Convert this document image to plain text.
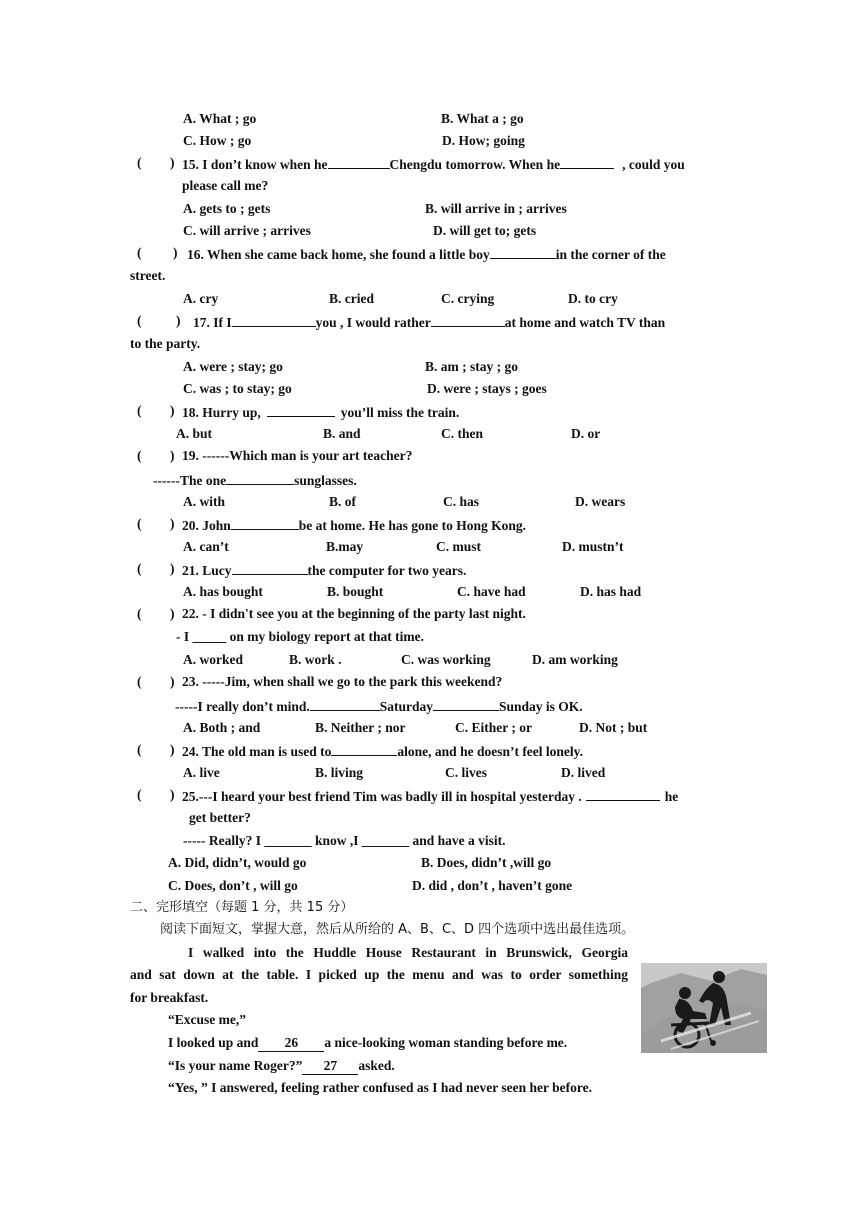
A. What ; go	B. What a ; go
C. How ; go	D. How; going
( ) 15. I don’t know when he	Chengdu tomorrow. When he	, could you
please call me?
A. gets to ; gets	B. will arrive in ; arrives
C. will arrive ; arrives	D. will get to; gets
( ) 16. When she came back home, she found a little boy	in the corner of the
street.
A. cry	B. cried	C. crying	D. to cry
(	) 17. If I	you , I would rather	at home and watch TV than
to the party.
A. were ; stay; go	B. am ; stay ; go
C. was ; to stay; go	D. were ; stays ; goes
( ) 18. Hurry up,	you’ll miss the train.
A. but	B. and	C. then	D. or
( ) 19. ------Which man is your art teacher?
------The one	sunglasses.
A. with	B. of	C. has	D. wears
( ) 20. John	be at home. He has gone to Hong Kong.
A. can’t	B.may	C. must	D. mustn’t
( ) 21. Lucy	the computer for two years.
A. has bought	B. bought	C. have had	D. has had
( ) 22. - I didn't see you at the beginning of the party last night.
- I _____ on my biology report at that time.
A. worked	B. work .	C. was working	D. am working
( ) 23. -----Jim, when shall we go to the park this weekend?
-----I really don’t mind.	Saturday	Sunday is OK.
A. Both ; and	B. Neither ; nor	C. Either ; or	D. Not ; but
( ) 24. The old man is used to	alone, and he doesn’t feel lonely.
A. live	B. living	C. lives	D. lived
( ) 25.---I heard your best friend Tim was badly ill in hospital yesterday .	he
get better?
----- Really? I _______ know ,I _______ and have a visit.
A. Did, didn’t, would go	B. Does, didn’t ,will go
C. Does, don’t , will go	D. did , don’t , haven’t gone
二、完形填空（每题 1 分，共 15 分）
阅读下面短文，掌握大意，然后从所给的 A、B、C、D 四个选项中选出最佳选项。
I walked into the Huddle House Restaurant in Brunswick, Georgia
and sat down at the table. I picked up the menu and was to order something
for breakfast.
“Excuse me,”
I looked up and 26 a nice-looking woman standing before me.
“Is your name Roger?” 27 asked.
“Yes, ” I answered, feeling rather confused as I had never seen her before.
